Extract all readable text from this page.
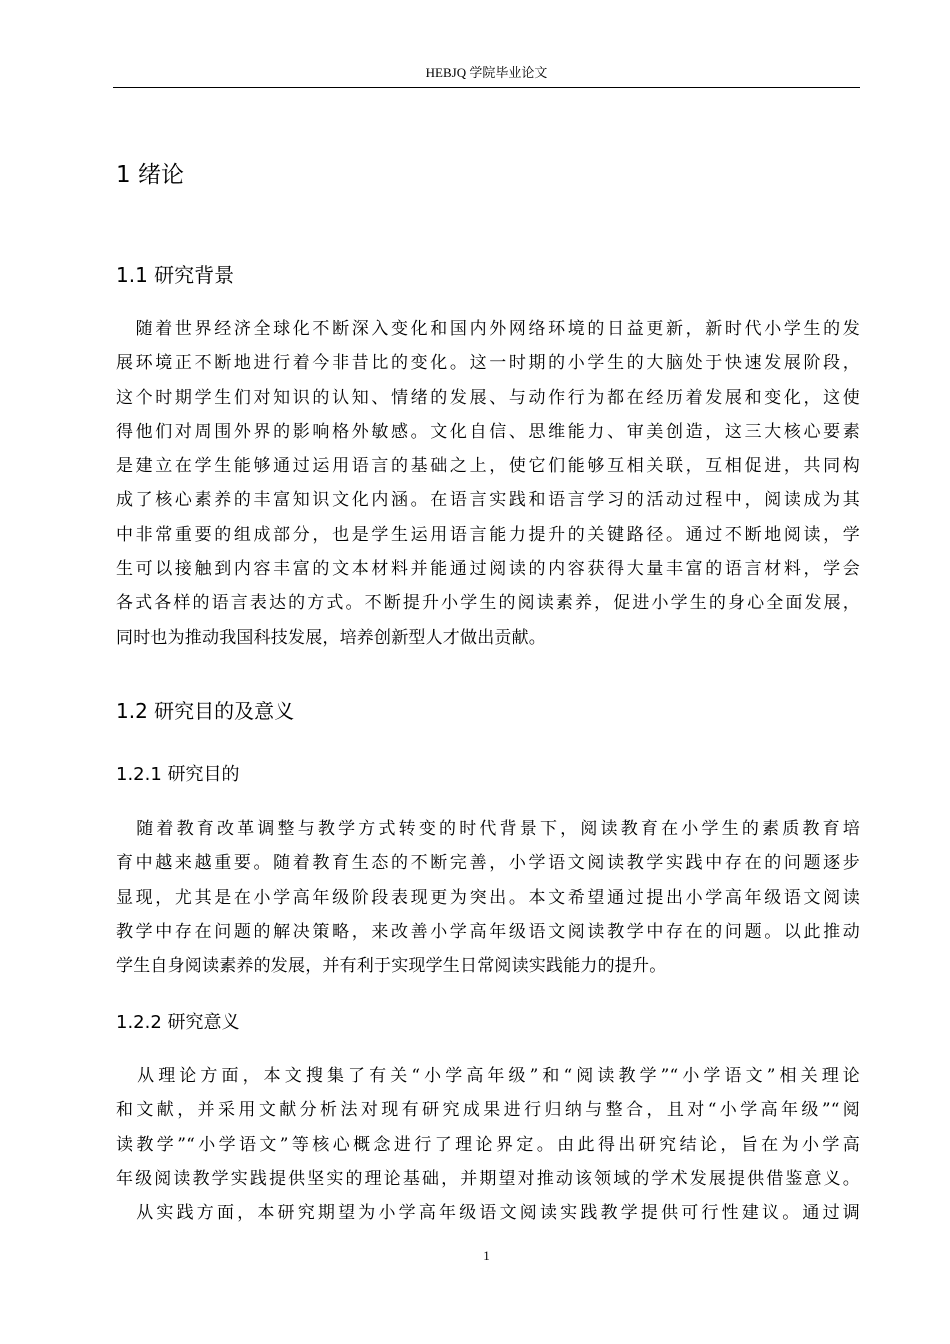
HEBJQ 学院毕业论文
1 绪论
1.1 研究背景
　随着世界经济全球化不断深入变化和国内外网络环境的日益更新，新时代小学生的发
展环境正不断地进行着今非昔比的变化。这一时期的小学生的大脑处于快速发展阶段，
这个时期学生们对知识的认知、情绪的发展、与动作行为都在经历着发展和变化，这使
得他们对周围外界的影响格外敏感。文化自信、思维能力、审美创造，这三大核心要素
是建立在学生能够通过运用语言的基础之上，使它们能够互相关联，互相促进，共同构
成了核心素养的丰富知识文化内涵。在语言实践和语言学习的活动过程中，阅读成为其
中非常重要的组成部分，也是学生运用语言能力提升的关键路径。通过不断地阅读，学
生可以接触到内容丰富的文本材料并能通过阅读的内容获得大量丰富的语言材料，学会
各式各样的语言表达的方式。不断提升小学生的阅读素养，促进小学生的身心全面发展，
同时也为推动我国科技发展，培养创新型人才做出贡献。
1.2 研究目的及意义
1.2.1 研究目的
　随着教育改革调整与教学方式转变的时代背景下，阅读教育在小学生的素质教育培
育中越来越重要。随着教育生态的不断完善，小学语文阅读教学实践中存在的问题逐步
显现，尤其是在小学高年级阶段表现更为突出。本文希望通过提出小学高年级语文阅读
教学中存在问题的解决策略，来改善小学高年级语文阅读教学中存在的问题。以此推动
学生自身阅读素养的发展，并有利于实现学生日常阅读实践能力的提升。
1.2.2 研究意义
　从理论方面，本文搜集了有关“小学高年级”和“阅读教学”“小学语文”相关理论
和文献，并采用文献分析法对现有研究成果进行归纳与整合，且对“小学高年级”“阅
读教学”“小学语文”等核心概念进行了理论界定。由此得出研究结论，旨在为小学高
年级阅读教学实践提供坚实的理论基础，并期望对推动该领域的学术发展提供借鉴意义。
　从实践方面，本研究期望为小学高年级语文阅读实践教学提供可行性建议。通过调
1
